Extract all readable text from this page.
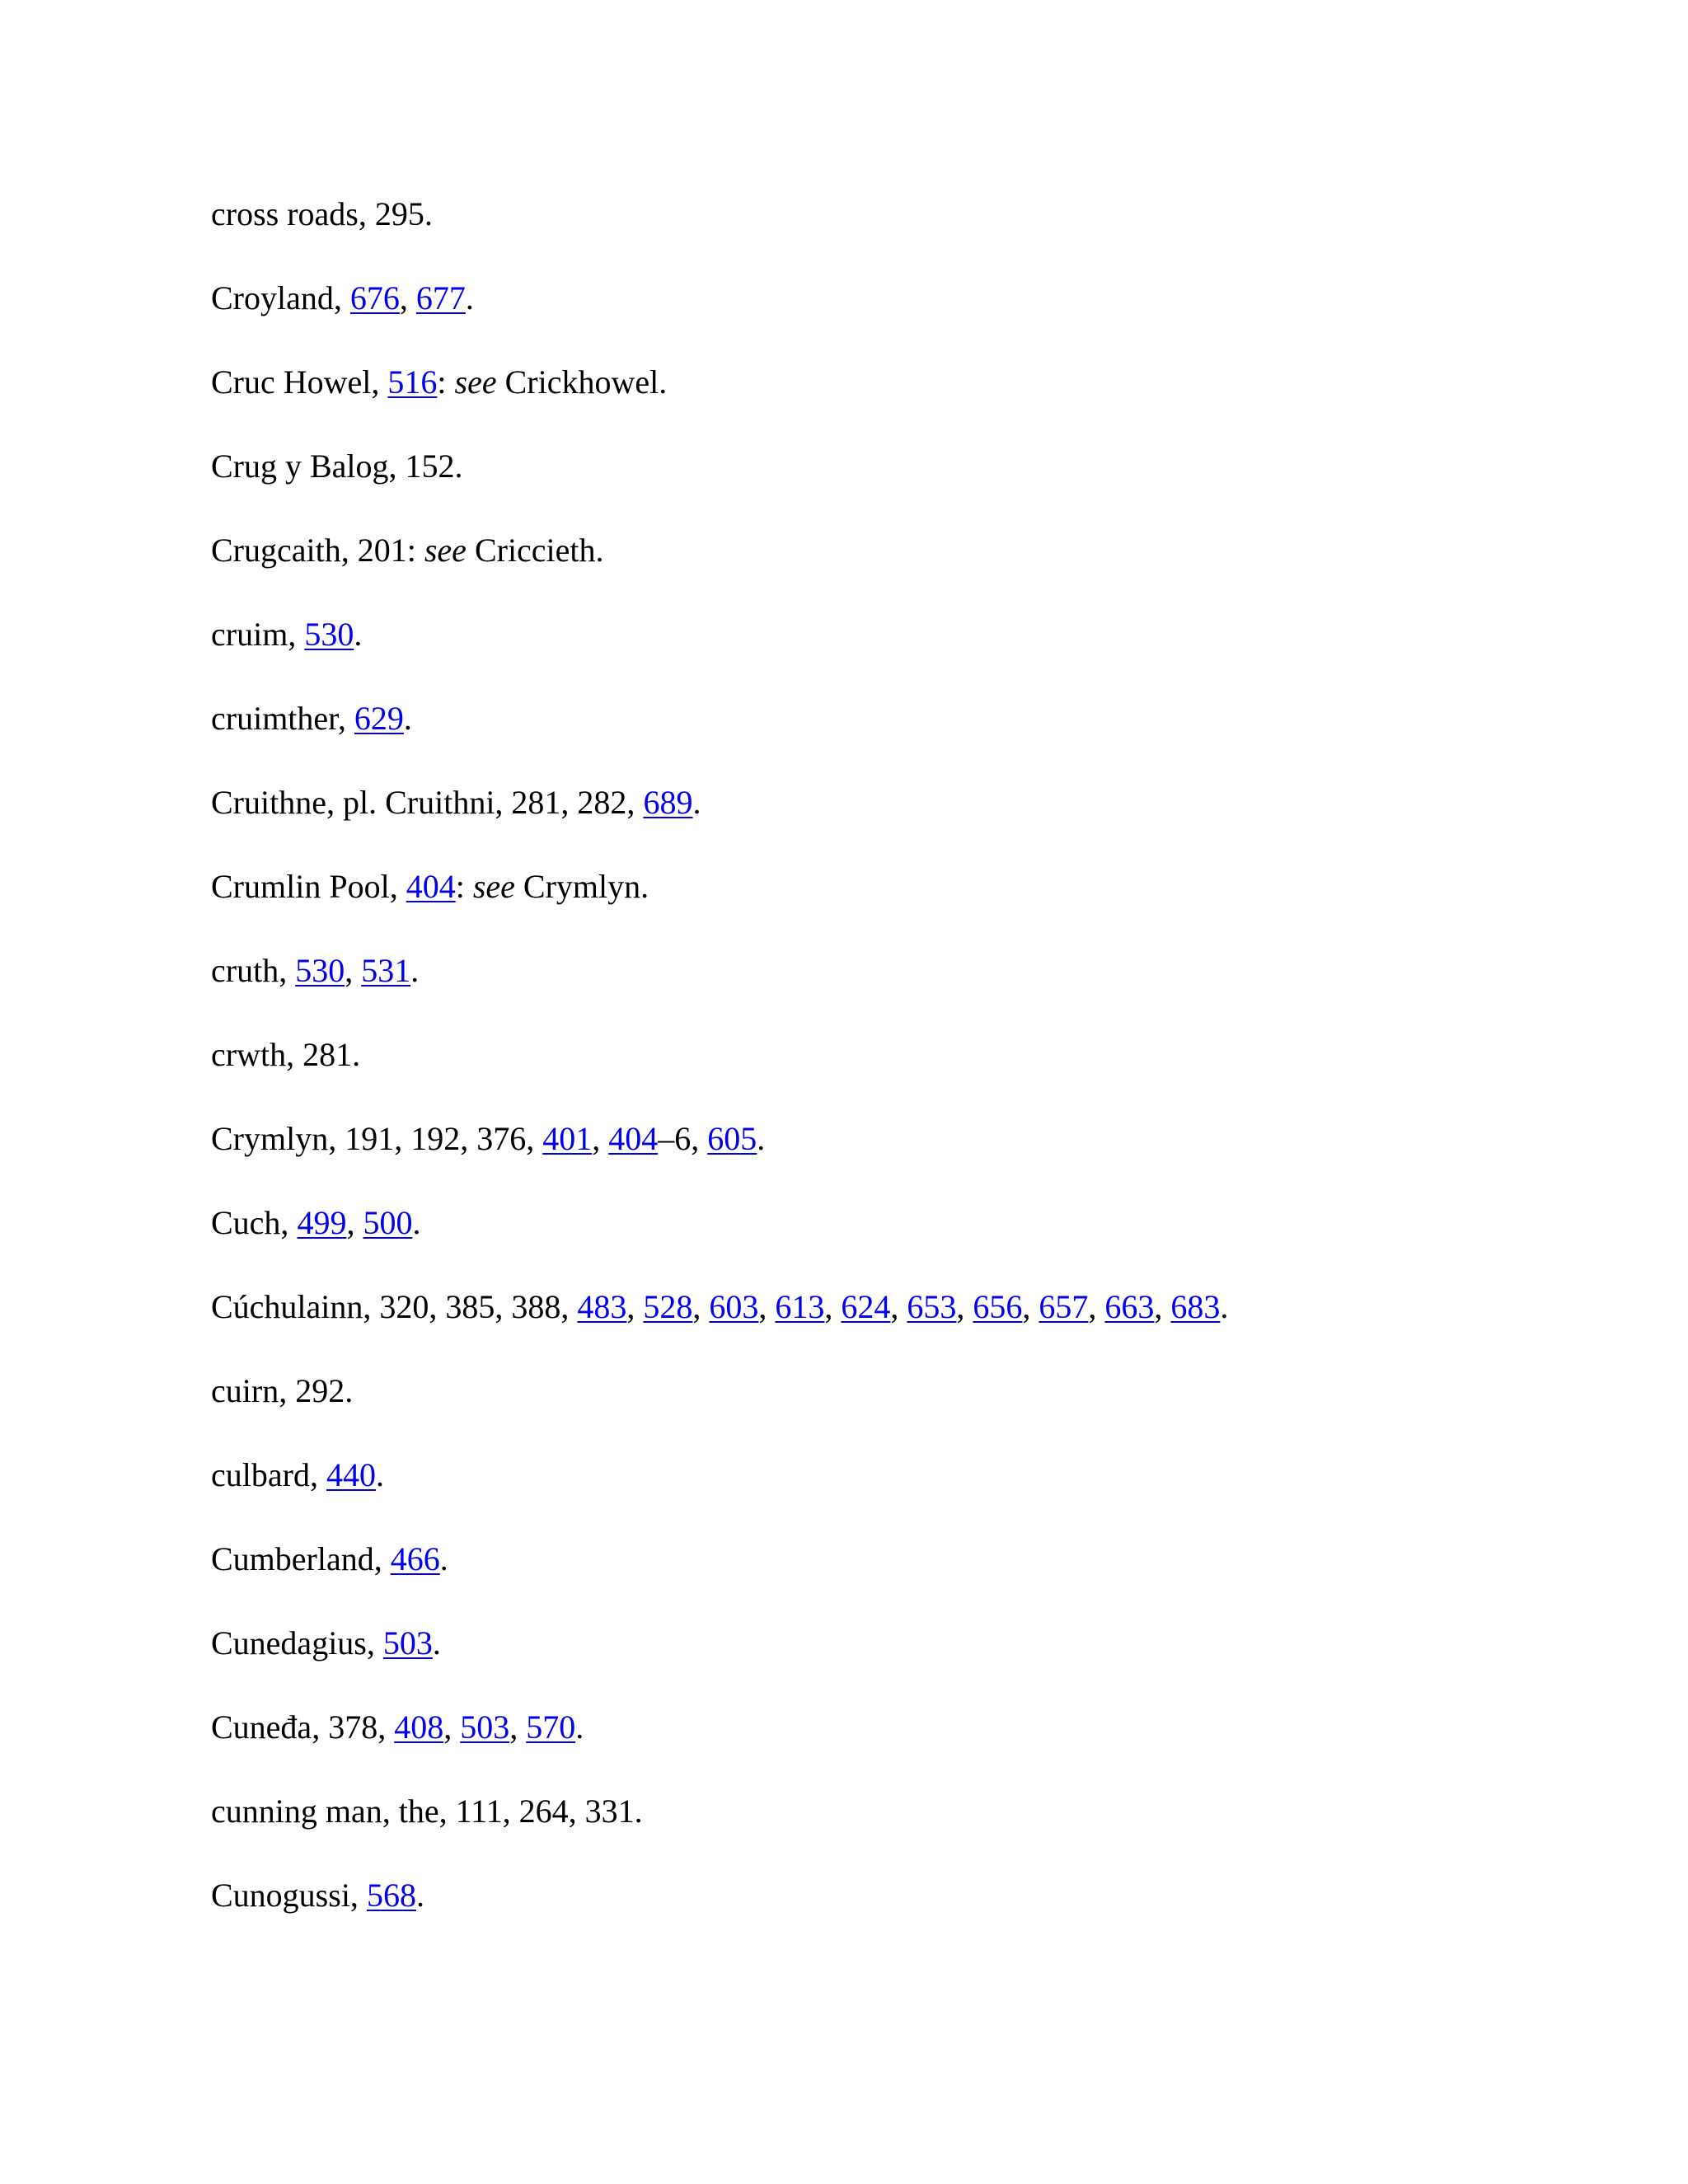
cross roads, 295.

Croyland, 676, 677.

Cruc Howel, 516: see Crickhowel.

Crug y Balog, 152.

Crugcaith, 201: see Criccieth.

cruim, 530.

cruimther, 629.

Cruithne, pl. Cruithni, 281, 282, 689.

Crumlin Pool, 404: see Crymlyn.

cruth, 530, 531.

crwth, 281.

Crymlyn, 191, 192, 376, 401, 404–6, 605.

Cuch, 499, 500.

Cúchulainn, 320, 385, 388, 483, 528, 603, 613, 624, 653, 656, 657, 663, 683.

cuirn, 292.

culbard, 440.

Cumberland, 466.

Cunedagius, 503.

Cuneđa, 378, 408, 503, 570.

cunning man, the, 111, 264, 331.

Cunogussi, 568.
